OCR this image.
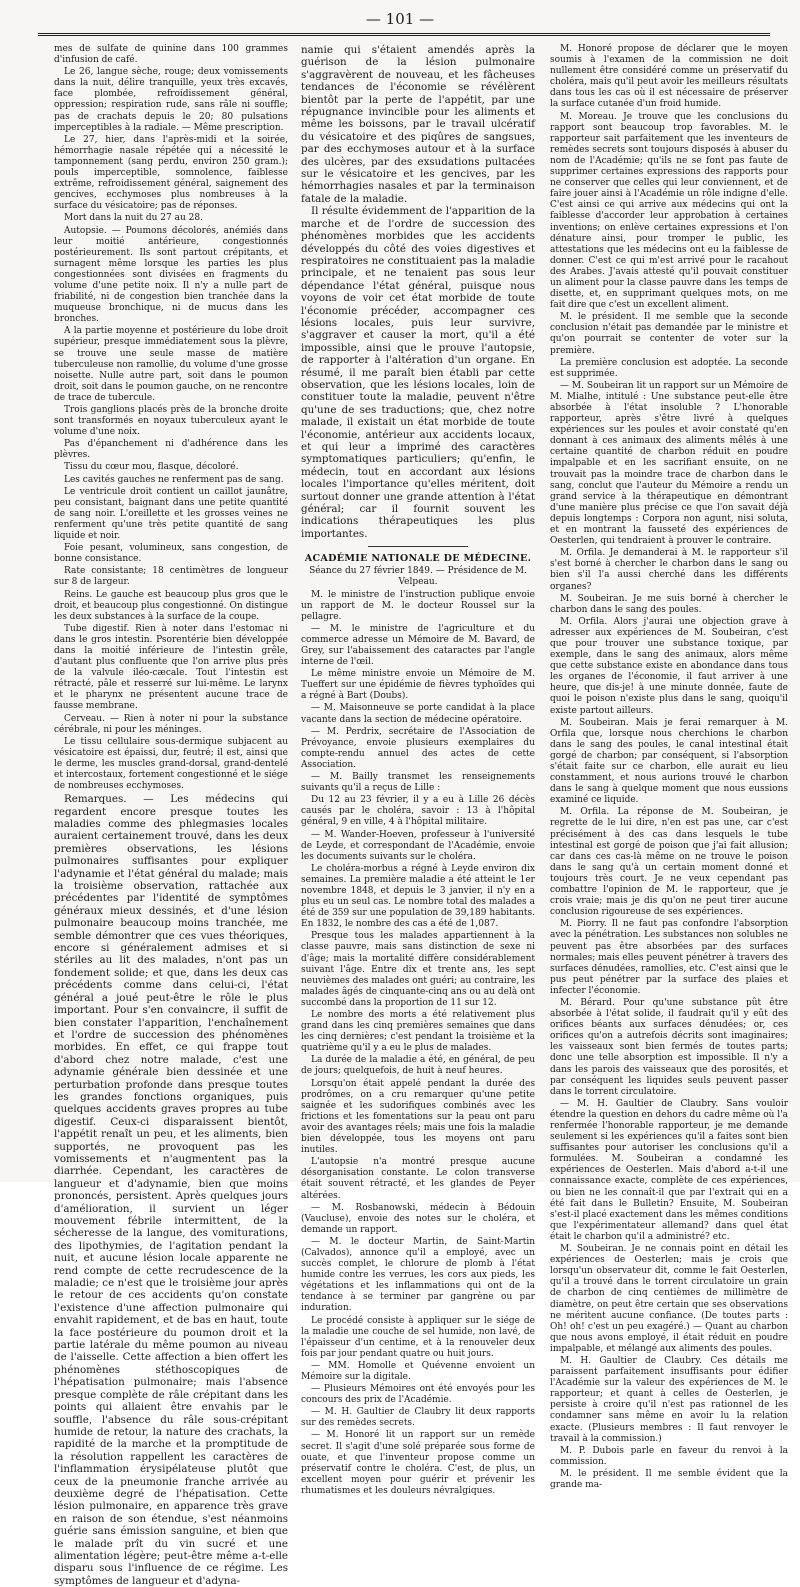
— 101 —

mes de sulfate de quinine dans 100 grammes d'infusion de café.

Le 26, langue sèche, rouge; deux vomissements dans la nuit, délire tranquille, yeux très excavés, face plombée, refroidissement général, oppression; respiration rude, sans râle ni souffle; pas de crachats depuis le 20; 80 pulsations imperceptibles à la radiale. — Même prescription.

Le 27, hier, dans l'après-midi et la soirée, hémorrhagie nasale répétée qui a nécessité le tamponnement (sang perdu, environ 250 gram.); pouls imperceptible, somnolence, faiblesse extrême, refroidissement général, saignement des gencives, ecchymoses plus nombreuses à la surface du vésicatoire; pas de réponses.

Mort dans la nuit du 27 au 28.

Autopsie. — Poumons décolorés, anémiés dans leur moitié antérieure, congestionnés postérieurement. Ils sont partout crépitants, et surnagent même lorsque les parties les plus congestionnées sont divisées en fragments du volume d'une petite noix. Il n'y a nulle part de friabilité, ni de congestion bien tranchée dans la muqueuse bronchique, ni de mucus dans les bronches.

A la partie moyenne et postérieure du lobe droit supérieur, presque immédiatement sous la plèvre, se trouve une seule masse de matière tuberculeuse non ramollie, du volume d'une grosse noisette. Nulle autre part, soit dans le poumon droit, soit dans le poumon gauche, on ne rencontre de trace de tubercule.

Trois ganglions placés près de la bronche droite sont transformés en noyaux tuberculeux ayant le volume d'une noix.

Pas d'épanchement ni d'adhérence dans les plèvres.

Tissu du cœur mou, flasque, décoloré.

Les cavités gauches ne renferment pas de sang.

Le ventricule droit contient un caillot jaunâtre, peu consistant, baignant dans une petite quantité de sang noir. L'oreillette et les grosses veines ne renferment qu'une très petite quantité de sang liquide et noir.

Foie pesant, volumineux, sans congestion, de bonne consistance.

Rate consistante; 18 centimètres de longueur sur 8 de largeur.

Reins. Le gauche est beaucoup plus gros que le droit, et beaucoup plus congestionné. On distingue les deux substances à la surface de la coupe.

Tube digestif. Rien à noter dans l'estomac ni dans le gros intestin. Psorentérie bien développée dans la moitié inférieure de l'intestin grêle, d'autant plus confluente que l'on arrive plus près de la valvule iléo-cæcale. Tout l'intestin est rétracté, pâle et resserré sur lui-même. Le larynx et le pharynx ne présentent aucune trace de fausse membrane.

Cerveau. — Rien à noter ni pour la substance cérébrale, ni pour les méninges.

Le tissu cellulaire sous-dermique subjacent au vésicatoire est épaissi, dur, feutré; il est, ainsi que le derme, les muscles grand-dorsal, grand-dentelé et intercostaux, fortement congestionné et le siége de nombreuses ecchymoses.

Remarques. — Les médecins qui regardent encore presque toutes les maladies comme des phlegmasies locales auraient certainement trouvé, dans les deux premières observations, les lésions pulmonaires suffisantes pour expliquer l'adynamie et l'état général du malade; mais la troisième observation, rattachée aux précédentes par l'identité de symptômes généraux mieux dessinés, et d'une lésion pulmonaire beaucoup moins tranchée, me semble démontrer que ces vues théoriques, encore si généralement admises et si stériles au lit des malades, n'ont pas un fondement solide; et que, dans les deux cas précédents comme dans celui-ci, l'état général a joué peut-être le rôle le plus important. Pour s'en convaincre, il suffit de bien constater l'apparition, l'enchaînement et l'ordre de succession des phénomènes morbides. En effet, ce qui frappe tout d'abord chez notre malade, c'est une adynamie générale bien dessinée et une perturbation profonde dans presque toutes les grandes fonctions organiques, puis quelques accidents graves propres au tube digestif. Ceux-ci disparaissent bientôt, l'appétit renaît un peu, et les aliments, bien supportés, ne provoquent pas les vomissements et n'augmentent pas la diarrhée. Cependant, les caractères de langueur et d'adynamie, bien que moins prononcés, persistent. Après quelques jours d'amélioration, il survient un léger mouvement fébrile intermittent, de la sécheresse de la langue, des vomiturations, des lipothymies, de l'agitation pendant la nuit, et aucune lésion locale apparente ne rend compte de cette recrudescence de la maladie; ce n'est que le troisième jour après le retour de ces accidents qu'on constate l'existence d'une affection pulmonaire qui envahit rapidement, et de bas en haut, toute la face postérieure du poumon droit et la partie latérale du même poumon au niveau de l'aisselle. Cette affection a bien offert les phénomènes stéthoscopiques de l'hépatisation pulmonaire; mais l'absence presque complète de râle crépitant dans les points qui allaient être envahis par le souffle, l'absence du râle sous-crépitant humide de retour, la nature des crachats, la rapidité de la marche et la promptitude de la résolution rappellent les caractères de l'inflammation érysipélateuse plutôt que ceux de la pneumonie franche arrivée au deuxième degré de l'hépatisation. Cette lésion pulmonaire, en apparence très grave en raison de son étendue, s'est néanmoins guérie sans émission sanguine, et bien que le malade prît du vin sucré et une alimentation légère; peut-être même a-t-elle disparu sous l'influence de ce régime. Les symptômes de langueur et d'adyna-

namie qui s'étaient amendés après la guérison de la lésion pulmonaire s'aggravèrent de nouveau, et les fâcheuses tendances de l'économie se révélèrent bientôt par la perte de l'appétit, par une répugnance invincible pour les aliments et même les boissons, par le travail ulcératif du vésicatoire et des piqûres de sangsues, par des ecchymoses autour et à la surface des ulcères, par des exsudations pultacées sur le vésicatoire et les gencives, par les hémorrhagies nasales et par la terminaison fatale de la maladie.

Il résulte évidemment de l'apparition de la marche et de l'ordre de succession des phénomènes morbides que les accidents développés du côté des voies digestives et respiratoires ne constituaient pas la maladie principale, et ne tenaient pas sous leur dépendance l'état général, puisque nous voyons de voir cet état morbide de toute l'économie précéder, accompagner ces lésions locales, puis leur survivre, s'aggraver et causer la mort, qu'il a été impossible, ainsi que le prouve l'autopsie, de rapporter à l'altération d'un organe. En résumé, il me paraît bien établi par cette observation, que les lésions locales, loin de constituer toute la maladie, peuvent n'être qu'une de ses traductions; que, chez notre malade, il existait un état morbide de toute l'économie, antérieur aux accidents locaux, et qui leur a imprimé des caractères symptomatiques particuliers; qu'enfin, le médecin, tout en accordant aux lésions locales l'importance qu'elles méritent, doit surtout donner une grande attention à l'état général; car il fournit souvent les indications thérapeutiques les plus importantes.

ACADÉMIE NATIONALE DE MÉDECINE.

Séance du 27 février 1849. — Présidence de M. Velpeau.

M. le ministre de l'instruction publique envoie un rapport de M. le docteur Roussel sur la pellagre.

— M. le ministre de l'agriculture et du commerce adresse un Mémoire de M. Bavard, de Grey, sur l'abaissement des cataractes par l'angle interne de l'œil.

Le même ministre envoie un Mémoire de M. Tueffert sur une épidémie de fièvres typhoïdes qui a régné à Bart (Doubs).

— M. Maisonneuve se porte candidat à la place vacante dans la section de médecine opératoire.

— M. Perdrix, secrétaire de l'Association de Prévoyance, envoie plusieurs exemplaires du compte-rendu annuel des actes de cette Association.

— M. Bailly transmet les renseignements suivants qu'il a reçus de Lille :

Du 12 au 23 février, il y a eu à Lille 26 décès causés par le choléra, savoir : 13 à l'hôpital général, 9 en ville, 4 à l'hôpital militaire.

— M. Wander-Hoeven, professeur à l'université de Leyde, et correspondant de l'Académie, envoie les documents suivants sur le choléra.

Le choléra-morbus a régné à Leyde environ dix semaines. La première maladie a été atteint le 1er novembre 1848, et depuis le 3 janvier, il n'y en a plus eu un seul cas. Le nombre total des malades a été de 359 sur une population de 39,189 habitants. En 1832, le nombre des cas a été de 1,087.

Presque tous les malades appartiennent à la classe pauvre, mais sans distinction de sexe ni d'âge; mais la mortalité diffère considérablement suivant l'âge. Entre dix et trente ans, les sept neuvièmes des malades ont guéri; au contraire, les malades âgés de cinquante-cinq ans ou au delà ont succombé dans la proportion de 11 sur 12.

Le nombre des morts a été relativement plus grand dans les cinq premières semaines que dans les cinq dernières; c'est pendant la troisième et la quatrième qu'il y a eu le plus de malades.

La durée de la maladie a été, en général, de peu de jours; quelquefois, de huit à neuf heures.

Lorsqu'on était appelé pendant la durée des prodrômes, on a cru remarquer qu'une petite saignée et les sudorifiques combinés avec les frictions et les fomentations sur la peau ont paru avoir des avantages réels; mais une fois la maladie bien développée, tous les moyens ont paru inutiles.

L'autopsie n'a montré presque aucune désorganisation constante. Le colon transverse était souvent rétracté, et les glandes de Peyer altérées.

— M. Rosbanowski, médecin à Bédouin (Vaucluse), envoie des notes sur le choléra, et demande un rapport.

— M. le docteur Martin, de Saint-Martin (Calvados), annonce qu'il a employé, avec un succès complet, le chlorure de plomb à l'état humide contre les verrues, les cors aux pieds, les végétations et les inflammations qui ont de la tendance à se terminer par gangrène ou par induration.

Le procédé consiste à appliquer sur le siége de la maladie une couche de sel humide, non lavé, de l'épaisseur d'un centime, et à la renouveler deux fois par jour pendant quatre ou huit jours.

— MM. Homolle et Quévenne envoient un Mémoire sur la digitale.

— Plusieurs Mémoires ont été envoyés pour les concours des prix de l'Académie.

— M. H. Gaultier de Claubry lit deux rapports sur des remèdes secrets.

— M. Honoré lit un rapport sur un remède secret. Il s'agit d'une solé préparée sous forme de ouate, et que l'inventeur propose comme un préservatif contre le choléra. C'est, de plus, un excellent moyen pour guérir et prévenir les rhumatismes et les douleurs névralgiques.

M. Honoré propose de déclarer que le moyen soumis à l'examen de la commission ne doit nullement être considéré comme un préservatif du choléra, mais qu'il peut avoir les meilleurs résultats dans tous les cas où il est nécessaire de préserver la surface cutanée d'un froid humide.

M. Moreau. Je trouve que les conclusions du rapport sont beaucoup trop favorables. M. le rapporteur sait parfaitement que les inventeurs de remèdes secrets sont toujours disposés à abuser du nom de l'Académie; qu'ils ne se font pas faute de supprimer certaines expressions des rapports pour ne conserver que celles qui leur conviennent, et de faire jouer ainsi à l'Académie un rôle indigne d'elle. C'est ainsi ce qui arrive aux médecins qui ont la faiblesse d'accorder leur approbation à certaines inventions; on enlève certaines expressions et l'on dénature ainsi, pour tromper le public, les attestations que les médecins ont eu la faiblesse de donner. C'est ce qui m'est arrivé pour le racahout des Arabes. J'avais attesté qu'il pouvait constituer un aliment pour la classe pauvre dans les temps de disette, et, en supprimant quelques mots, on me fait dire que c'est un excellent aliment.

M. le président. Il me semble que la seconde conclusion n'était pas demandée par le ministre et qu'on pourrait se contenter de voter sur la première.

La première conclusion est adoptée. La seconde est supprimée.

— M. Soubeiran lit un rapport sur un Mémoire de M. Mialhe, intitulé : Une substance peut-elle être absorbée à l'état insoluble ? L'honorable rapporteur, après s'être livré à quelques expériences sur les poules et avoir constaté qu'en donnant à ces animaux des aliments mêlés à une certaine quantité de charbon réduit en poudre impalpable et en les sacrifiant ensuite, on ne trouvait pas la moindre trace de charbon dans le sang, conclut que l'auteur du Mémoire a rendu un grand service à la thérapeutique en démontrant d'une manière plus précise ce que l'on savait déjà depuis longtemps : Corpora non agunt, nisi soluta, et en montrant la fausseté des expériences de Oesterlen, qui tendraient à prouver le contraire.

M. Orfila. Je demanderai à M. le rapporteur s'il s'est borné à chercher le charbon dans le sang ou bien s'il l'a aussi cherché dans les différents organes?

M. Soubeiran. Je me suis borné à chercher le charbon dans le sang des poules.

M. Orfila. Alors j'aurai une objection grave à adresser aux expériences de M. Soubeiran, c'est que pour trouver une substance toxique, par exemple, dans le sang des animaux, alors même que cette substance existe en abondance dans tous les organes de l'économie, il faut arriver à une heure, que dis-je! à une minute donnée, faute de quoi le poison n'existe plus dans le sang, quoiqu'il existe partout ailleurs.

M. Soubeiran. Mais je ferai remarquer à M. Orfila que, lorsque nous cherchions le charbon dans le sang des poules, le canal intestinal était gorgé de charbon; par conséquent, si l'absorption s'était faite sur ce charbon, elle aurait eu lieu constamment, et nous aurions trouvé le charbon dans le sang à quelque moment que nous eussions examiné ce liquide.

M. Orfila. La réponse de M. Soubeiran, je regrette de le lui dire, n'en est pas une, car c'est précisément à des cas dans lesquels le tube intestinal est gorgé de poison que j'ai fait allusion; car dans ces cas-là même on ne trouve le poison dans le sang qu'à un certain moment donné et toujours très court. Je ne veux cependant pas combattre l'opinion de M. le rapporteur, que je crois vraie; mais je dis qu'on ne peut tirer aucune conclusion rigoureuse de ses expériences.

M. Piorry. Il ne faut pas confondre l'absorption avec la pénétration. Les substances non solubles ne peuvent pas être absorbées par des surfaces normales; mais elles peuvent pénétrer à travers des surfaces dénudées, ramollies, etc. C'est ainsi que le pus peut pénétrer par la surface des plaies et infecter l'économie.

M. Bérard. Pour qu'une substance pût être absorbée à l'état solide, il faudrait qu'il y eût des orifices béants aux surfaces dénudées; or, ces orifices qu'on a autrefois décrits sont imaginaires; les vaisseaux sont bien fermés de toutes parts; donc une telle absorption est impossible. Il n'y a dans les parois des vaisseaux que des porosités, et par conséquent les liquides seuls peuvent passer dans le torrent circulatoire.

— M. H. Gaultier de Claubry. Sans vouloir étendre la question en dehors du cadre même où l'a renfermée l'honorable rapporteur, je me demande seulement si les expériences qu'il a faites sont bien suffisantes pour autoriser les conclusions qu'il a formulées. M. Soubeiran a condamné les expériences de Oesterlen. Mais d'abord a-t-il une connaissance exacte, complète de ces expériences, ou bien ne les connaît-il que par l'extrait qui en a été fait dans le Bulletin? Ensuite, M. Soubeiran s'est-il placé exactement dans les mêmes conditions que l'expérimentateur allemand? dans quel état était le charbon qu'il a administré? etc.

M. Soubeiran. Je ne connais point en détail les expériences de Oesterlen; mais je crois que lorsqu'un observateur dit, comme le fait Oesterlen, qu'il a trouvé dans le torrent circulatoire un grain de charbon de cinq centièmes de millimètre de diamètre, on peut être certain que ses observations ne méritent aucune confiance. (De toutes parts : Oh! oh! c'est un peu exagéré.) — Quant au charbon que nous avons employé, il était réduit en poudre impalpable, et mélangé aux aliments des poules.

M. H. Gaultier de Claubry. Ces détails me paraissent parfaitement insuffisants pour édifier l'Académie sur la valeur des expériences de M. le rapporteur; et quant à celles de Oesterlen, je persiste à croire qu'il n'est pas rationnel de les condamner sans même en avoir lu la relation exacte. (Plusieurs membres : Il faut renvoyer le travail à la commission.)

M. P. Dubois parle en faveur du renvoi à la commission.

M. le président. Il me semble évident que la grande ma-
